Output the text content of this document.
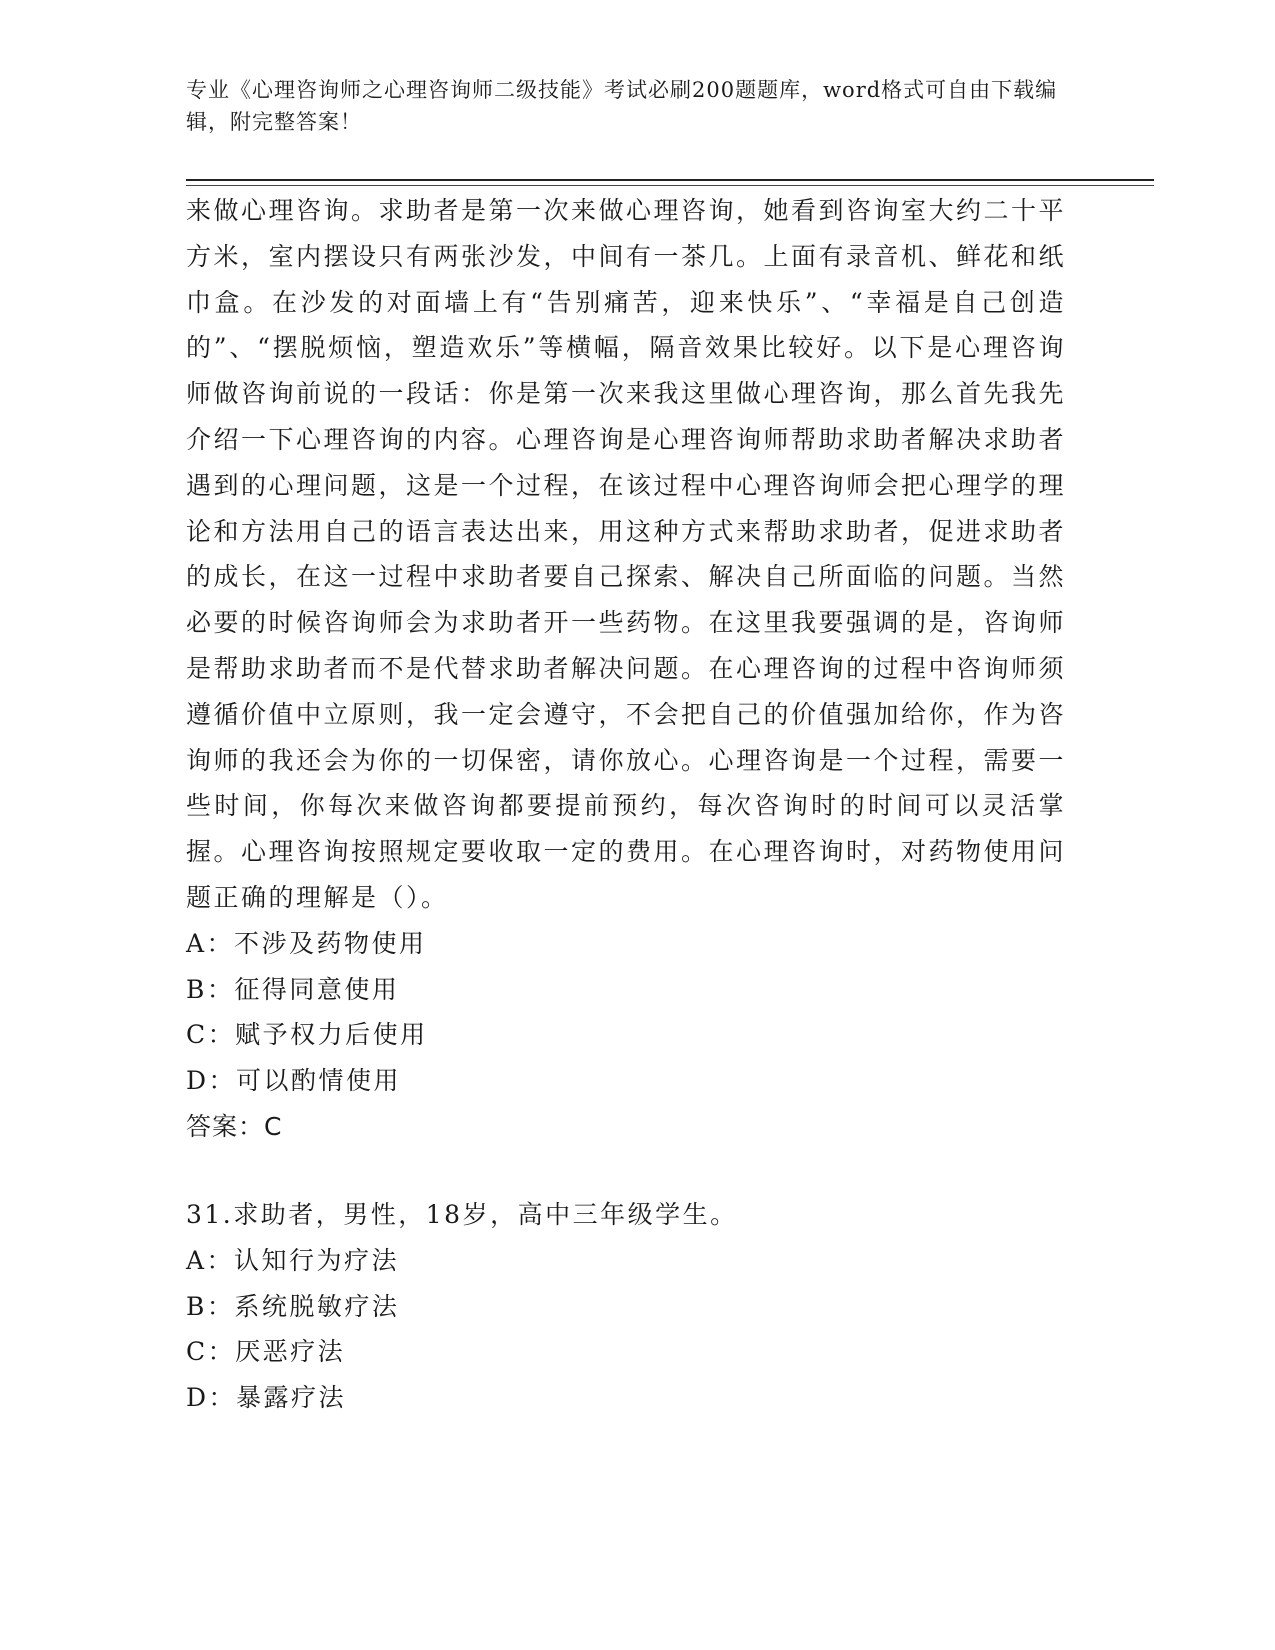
专业《心理咨询师之心理咨询师二级技能》考试必刷200题题库，word格式可自由下载编辑，附完整答案！

来做心理咨询。求助者是第一次来做心理咨询，她看到咨询室大约二十平方米，室内摆设只有两张沙发，中间有一茶几。上面有录音机、鲜花和纸巾盒。在沙发的对面墙上有“告别痛苦，迎来快乐”、“幸福是自己创造的”、“摆脱烦恼，塑造欢乐”等横幅，隔音效果比较好。以下是心理咨询师做咨询前说的一段话：你是第一次来我这里做心理咨询，那么首先我先介绍一下心理咨询的内容。心理咨询是心理咨询师帮助求助者解决求助者遇到的心理问题，这是一个过程，在该过程中心理咨询师会把心理学的理论和方法用自己的语言表达出来，用这种方式来帮助求助者，促进求助者的成长，在这一过程中求助者要自己探索、解决自己所面临的问题。当然必要的时候咨询师会为求助者开一些药物。在这里我要强调的是，咨询师是帮助求助者而不是代替求助者解决问题。在心理咨询的过程中咨询师须遵循价值中立原则，我一定会遵守，不会把自己的价值强加给你，作为咨询师的我还会为你的一切保密，请你放心。心理咨询是一个过程，需要一些时间，你每次来做咨询都要提前预约，每次咨询时的时间可以灵活掌握。心理咨询按照规定要收取一定的费用。在心理咨询时，对药物使用问题正确的理解是（）。

A：不涉及药物使用

B：征得同意使用

C：赋予权力后使用

D：可以酌情使用

答案：C

31.求助者，男性，18岁，高中三年级学生。

A：认知行为疗法

B：系统脱敏疗法

C：厌恶疗法

D：暴露疗法
